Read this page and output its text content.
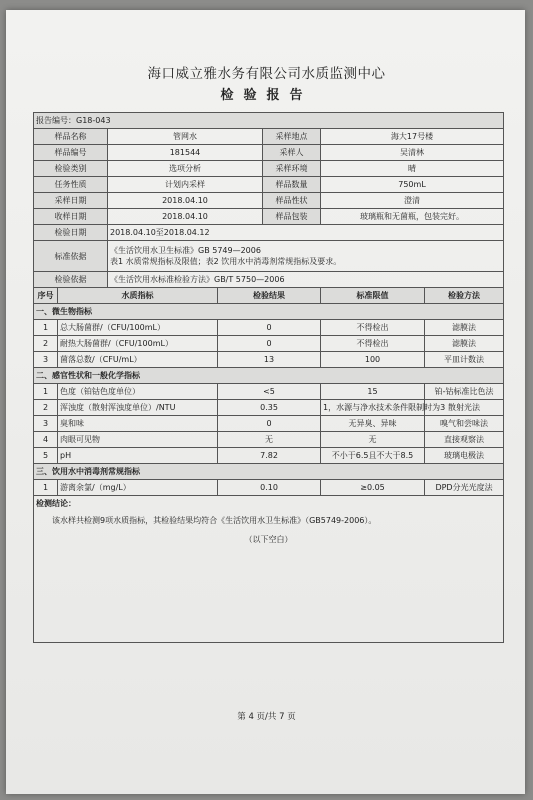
海口威立雅水务有限公司水质监测中心
检验报告
报告编号：G18-043						
样品名称		管网水		采样地点	海大17号楼	
样品编号		181544		采样人	吴清林	
检验类别		选项分析		采样环境	晴	
任务性质		计划内采样		样品数量	750mL	
采样日期		2018.04.10		样品性状	澄清	
收样日期		2018.04.10		样品包装	玻璃瓶和无菌瓶，包装完好。	
检验日期		2018.04.10至2018.04.12				
标准依据		《生活饮用水卫生标准》GB 5749—2006
表1 水质常规指标及限值；表2 饮用水中消毒剂常规指标及要求。				

检验依据		《生活饮用水标准检验方法》GB/T 5750—2006				
序号	水质指标		检验结果		标准限值	检验方法
一、微生物指标						
1	总大肠菌群/（CFU/100mL）		0		不得检出	滤膜法
2	耐热大肠菌群/（CFU/100mL）		0		不得检出	滤膜法
3	菌落总数/（CFU/mL）		13		100	平皿计数法
二、感官性状和一般化学指标						
1	色度（铂钴色度单位）		<5		15	铂-钴标准比色法
2	浑浊度（散射浑浊度单位）/NTU		0.35		1，水源与净水技术条件限制时为3	散射光法
3	臭和味		0		无异臭、异味	嗅气和尝味法
4	肉眼可见物		无		无	直接观察法
5	pH		7.82		不小于6.5且不大于8.5	玻璃电极法
三、饮用水中消毒剂常规指标						
1	游离余氯/（mg/L）		0.10		≥0.05	DPD分光光度法

检测结论：
该水样共检测9项水质指标，其检验结果均符合《生活饮用水卫生标准》（GB5749-2006）。
（以下空白）						
第 4 页/共 7 页
